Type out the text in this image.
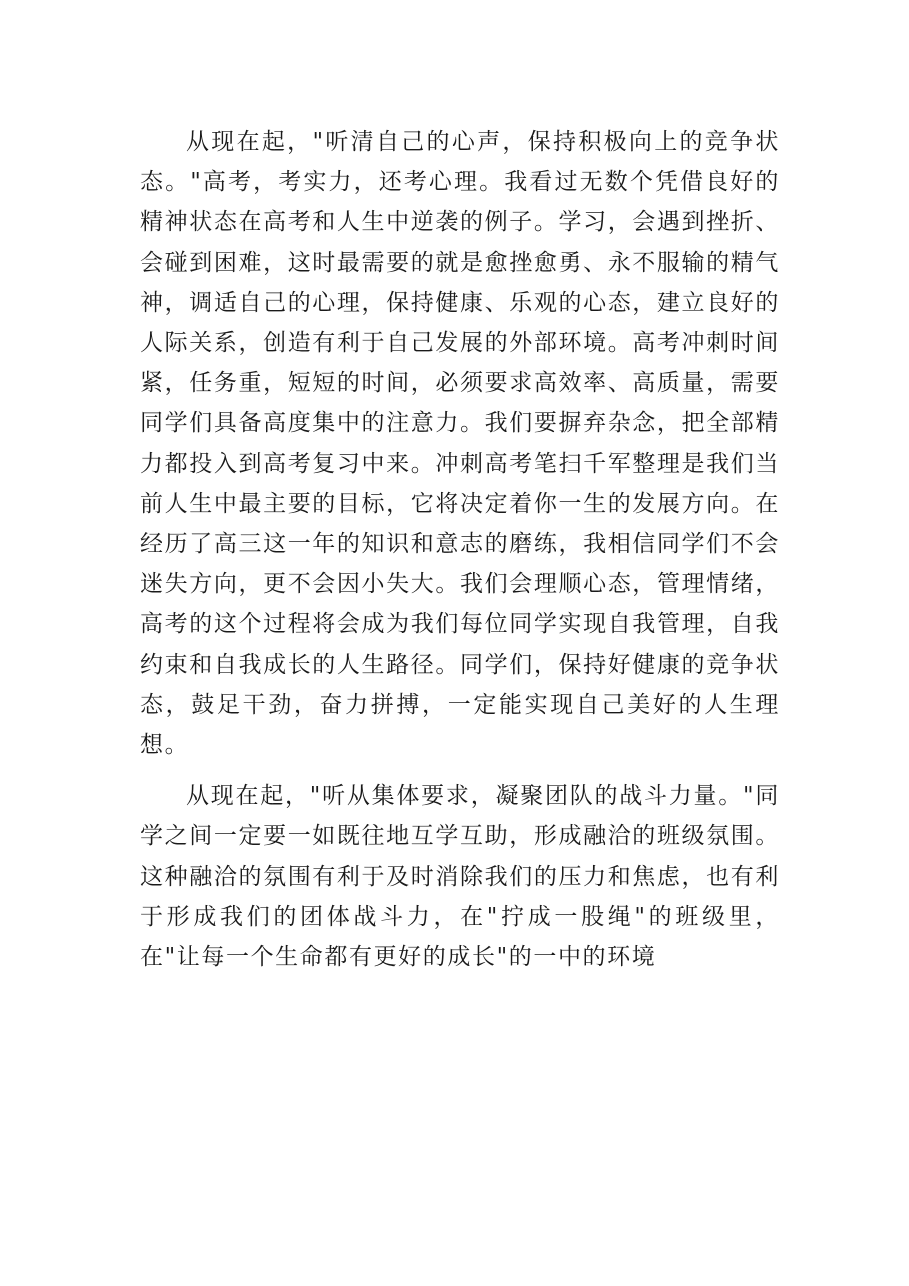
从现在起，"听清自己的心声，保持积极向上的竞争状态。"高考，考实力，还考心理。我看过无数个凭借良好的精神状态在高考和人生中逆袭的例子。学习，会遇到挫折、会碰到困难，这时最需要的就是愈挫愈勇、永不服输的精气神，调适自己的心理，保持健康、乐观的心态，建立良好的人际关系，创造有利于自己发展的外部环境。高考冲刺时间紧，任务重，短短的时间，必须要求高效率、高质量，需要同学们具备高度集中的注意力。我们要摒弃杂念，把全部精力都投入到高考复习中来。冲刺高考笔扫千军整理是我们当前人生中最主要的目标，它将决定着你一生的发展方向。在经历了高三这一年的知识和意志的磨练，我相信同学们不会迷失方向，更不会因小失大。我们会理顺心态，管理情绪，高考的这个过程将会成为我们每位同学实现自我管理，自我约束和自我成长的人生路径。同学们，保持好健康的竞争状态，鼓足干劲，奋力拼搏，一定能实现自己美好的人生理想。

从现在起，"听从集体要求，凝聚团队的战斗力量。"同学之间一定要一如既往地互学互助，形成融洽的班级氛围。这种融洽的氛围有利于及时消除我们的压力和焦虑，也有利于形成我们的团体战斗力，在"拧成一股绳"的班级里，在"让每一个生命都有更好的成长"的一中的环境
